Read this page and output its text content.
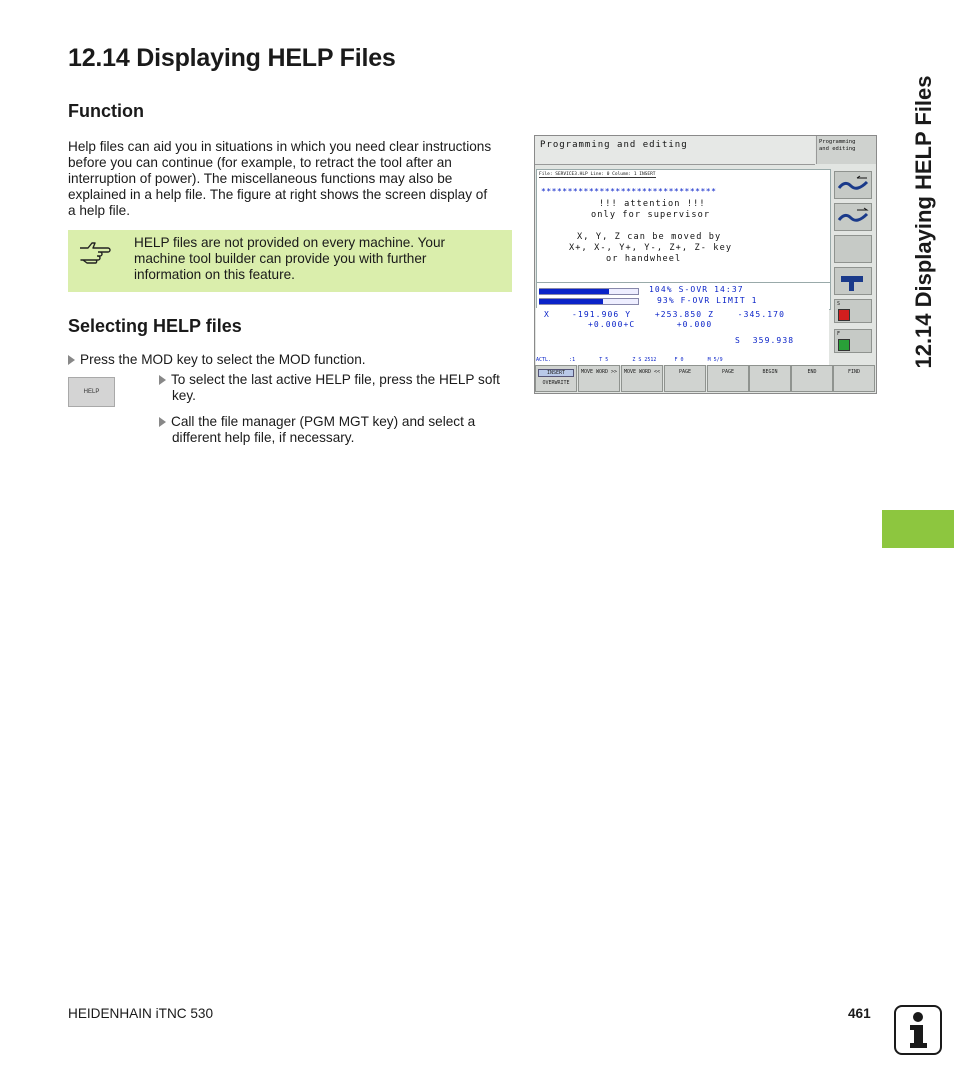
12.14 Displaying HELP Files
12.14 Displaying HELP Files
Function
Help files can aid you in situations in which you need clear instructions
before you can continue (for example, to retract the tool after an
interruption of power). The miscellaneous functions may also be
explained in a help file. The figure at right shows the screen display of
a help file.
HELP files are not provided on every machine. Your
machine tool builder can provide you with further
information on this feature.
Selecting HELP files
Press the MOD key to select the MOD function.
HELP
To select the last active HELP file, press the HELP soft
key.
Call the file manager (PGM MGT key) and select a
different help file, if necessary.
Programming and editing	Programming
and editing
File: SERVICE3.HLP Line: 0 Column: 1 INSERT
*********************************
!!! attention !!!
only for supervisor
X, Y, Z can be moved by
X+, X-, Y+, Y-, Z+, Z- key
or handwheel
104% S-OVR 14:37
93% F-OVR LIMIT 1
X	-191.906 Y    +253.850 Z    -345.170
+0.000+C       +0.000
S  359.938
ACTL.      :1        T 5        Z S 2512      F 0        M 5/9
S
F
INSERT
OVERWRITE
MOVE WORD >>	MOVE WORD <<	PAGE	PAGE	BEGIN	END	FIND
HEIDENHAIN iTNC 530	461
